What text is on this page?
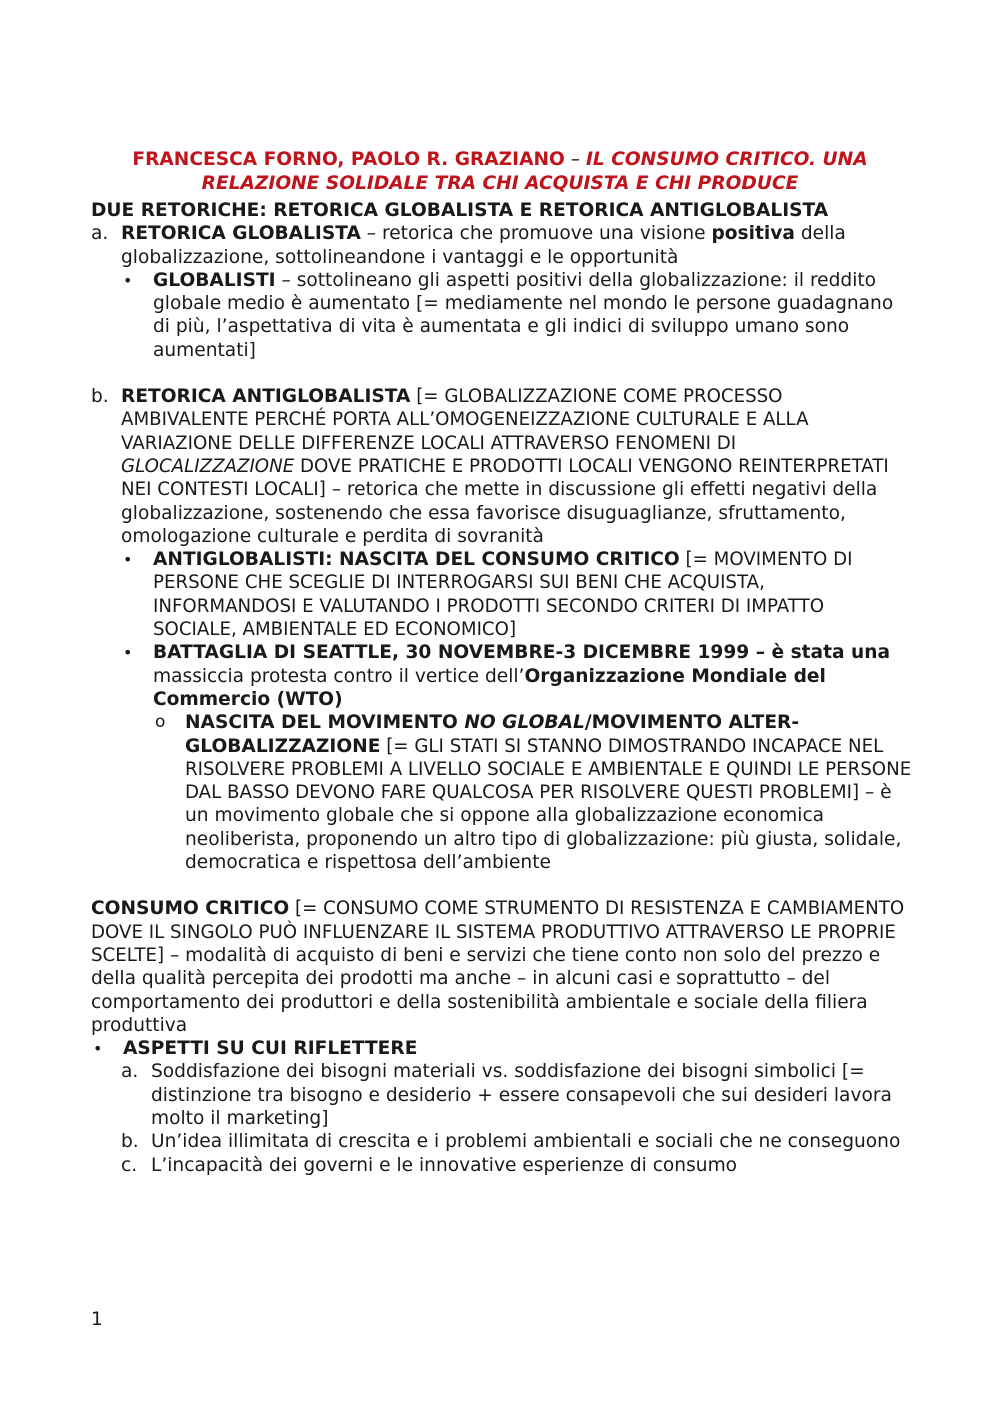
FRANCESCA FORNO, PAOLO R. GRAZIANO – IL CONSUMO CRITICO. UNA
RELAZIONE SOLIDALE TRA CHI ACQUISTA E CHI PRODUCE
DUE RETORICHE: RETORICA GLOBALISTA E RETORICA ANTIGLOBALISTA
a. RETORICA GLOBALISTA – retorica che promuove una visione positiva della globalizzazione, sottolineandone i vantaggi e le opportunità
•	GLOBALISTI – sottolineano gli aspetti positivi della globalizzazione: il reddito globale medio è aumentato [= mediamente nel mondo le persone guadagnano di più, l’aspettativa di vita è aumentata e gli indici di sviluppo umano sono aumentati]
b. RETORICA ANTIGLOBALISTA [= GLOBALIZZAZIONE COME PROCESSO AMBIVALENTE PERCHÉ PORTA ALL’OMOGENEIZZAZIONE CULTURALE E ALLA VARIAZIONE DELLE DIFFERENZE LOCALI ATTRAVERSO FENOMENI DI GLOCALIZZAZIONE DOVE PRATICHE E PRODOTTI LOCALI VENGONO REINTERPRETATI NEI CONTESTI LOCALI] – retorica che mette in discussione gli effetti negativi della globalizzazione, sostenendo che essa favorisce disuguaglianze, sfruttamento, omologazione culturale e perdita di sovranità
•	ANTIGLOBALISTI: NASCITA DEL CONSUMO CRITICO [= MOVIMENTO DI PERSONE CHE SCEGLIE DI INTERROGARSI SUI BENI CHE ACQUISTA, INFORMANDOSI E VALUTANDO I PRODOTTI SECONDO CRITERI DI IMPATTO SOCIALE, AMBIENTALE ED ECONOMICO]
•	BATTAGLIA DI SEATTLE, 30 NOVEMBRE-3 DICEMBRE 1999 – è stata una massiccia protesta contro il vertice dell’Organizzazione Mondiale del Commercio (WTO)
o	NASCITA DEL MOVIMENTO NO GLOBAL/MOVIMENTO ALTER-GLOBALIZZAZIONE [= GLI STATI SI STANNO DIMOSTRANDO INCAPACE NEL RISOLVERE PROBLEMI A LIVELLO SOCIALE E AMBIENTALE E QUINDI LE PERSONE DAL BASSO DEVONO FARE QUALCOSA PER RISOLVERE QUESTI PROBLEMI] – è un movimento globale che si oppone alla globalizzazione economica neoliberista, proponendo un altro tipo di globalizzazione: più giusta, solidale, democratica e rispettosa dell’ambiente
CONSUMO CRITICO [= CONSUMO COME STRUMENTO DI RESISTENZA E CAMBIAMENTO DOVE IL SINGOLO PUÒ INFLUENZARE IL SISTEMA PRODUTTIVO ATTRAVERSO LE PROPRIE SCELTE] – modalità di acquisto di beni e servizi che tiene conto non solo del prezzo e della qualità percepita dei prodotti ma anche – in alcuni casi e soprattutto – del comportamento dei produttori e della sostenibilità ambientale e sociale della filiera produttiva
•	ASPETTI SU CUI RIFLETTERE
a. Soddisfazione dei bisogni materiali vs. soddisfazione dei bisogni simbolici [= distinzione tra bisogno e desiderio + essere consapevoli che sui desideri lavora molto il marketing]
b. Un’idea illimitata di crescita e i problemi ambientali e sociali che ne conseguono
c. L’incapacità dei governi e le innovative esperienze di consumo
1
